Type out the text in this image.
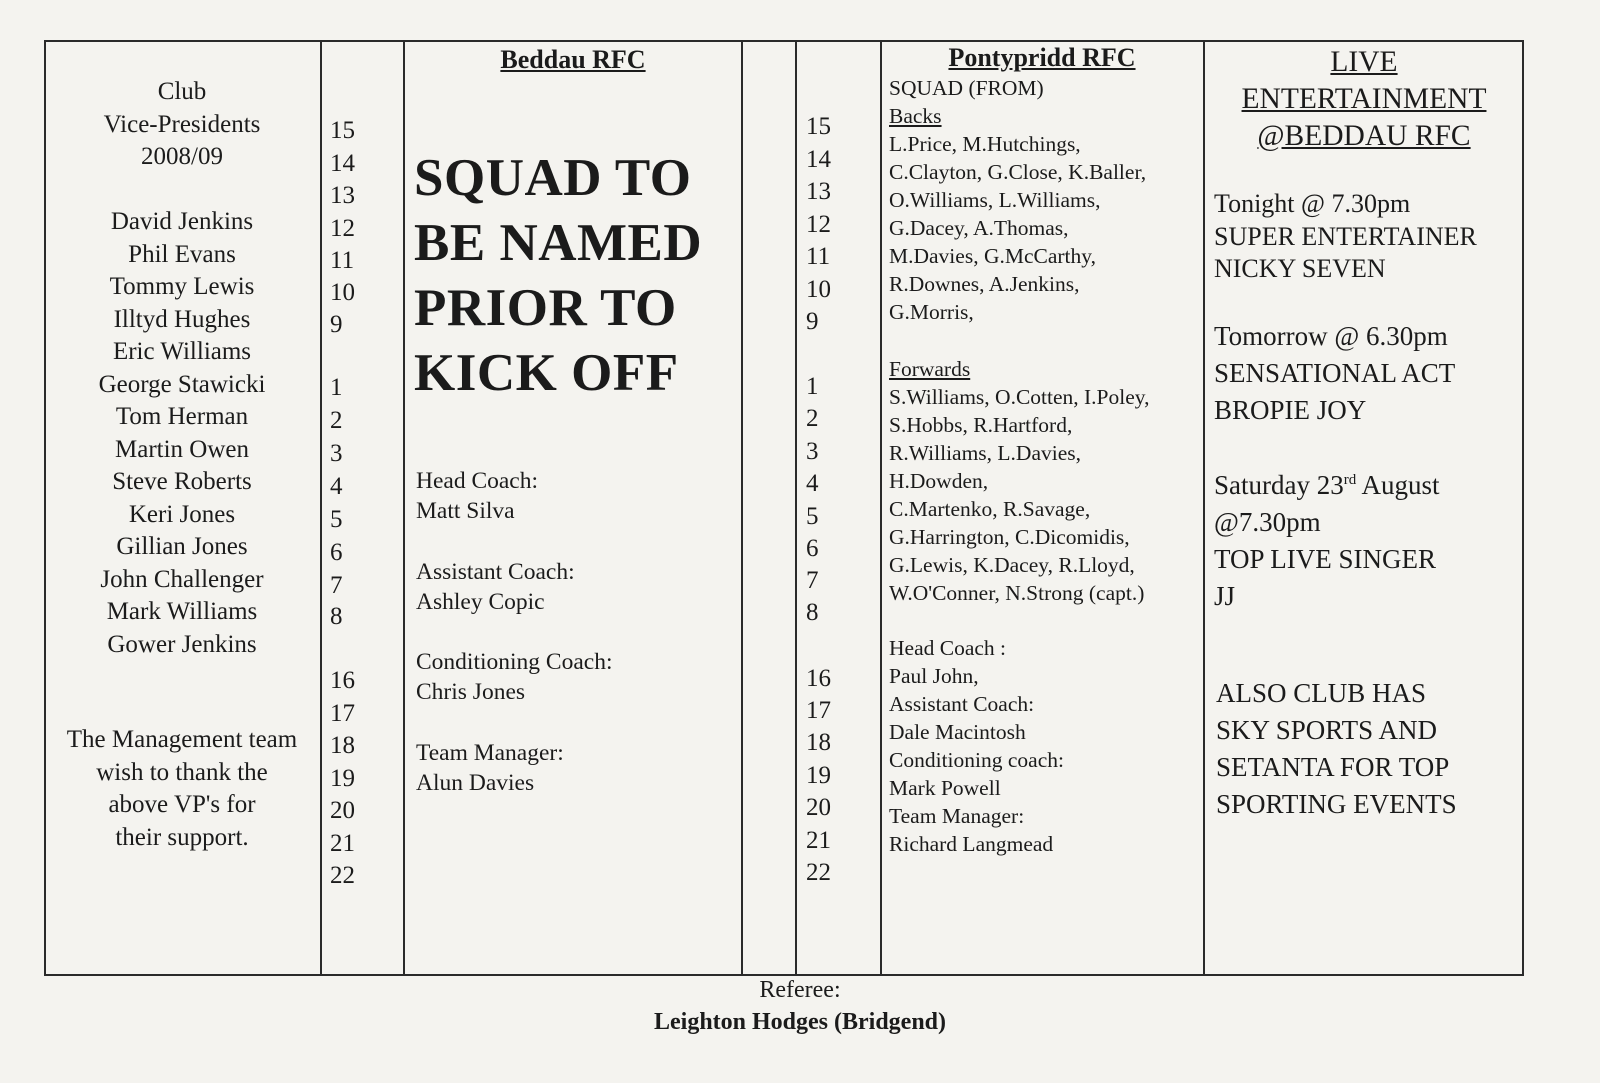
Club
Vice-Presidents
2008/09
David Jenkins
Phil Evans
Tommy Lewis
Illtyd Hughes
Eric Williams
George Stawicki
Tom Herman
Martin Owen
Steve Roberts
Keri Jones
Gillian Jones
John Challenger
Mark Williams
Gower Jenkins
The Management team
wish to thank the
above VP's for
their support.
15
14
13
12
11
10
9
1
2
3
4
5
6
7
8
16
17
18
19
20
21
22
Beddau RFC
SQUAD TO
BE NAMED
PRIOR TO
KICK OFF
Head Coach:
Matt Silva
Assistant Coach:
Ashley Copic
Conditioning Coach:
Chris Jones
Team Manager:
Alun Davies
15
14
13
12
11
10
9
1
2
3
4
5
6
7
8
16
17
18
19
20
21
22
Pontypridd RFC
SQUAD (FROM)
Backs
L.Price, M.Hutchings,
C.Clayton, G.Close, K.Baller,
O.Williams, L.Williams,
G.Dacey, A.Thomas,
M.Davies, G.McCarthy,
R.Downes, A.Jenkins,
G.Morris,
Forwards
S.Williams, O.Cotten, I.Poley,
S.Hobbs, R.Hartford,
R.Williams, L.Davies,
H.Dowden,
C.Martenko, R.Savage,
G.Harrington, C.Dicomidis,
G.Lewis, K.Dacey, R.Lloyd,
W.O'Conner, N.Strong (capt.)
Head Coach :
Paul John,
Assistant Coach:
Dale Macintosh
Conditioning coach:
Mark Powell
Team Manager:
Richard Langmead
LIVE
ENTERTAINMENT
@BEDDAU RFC
Tonight @ 7.30pm
SUPER ENTERTAINER
NICKY SEVEN
Tomorrow @ 6.30pm
SENSATIONAL ACT
BROPIE JOY
Saturday 23rd August
@7.30pm
TOP LIVE SINGER
JJ
ALSO CLUB HAS
SKY SPORTS AND
SETANTA FOR TOP
SPORTING EVENTS
Referee:
Leighton Hodges (Bridgend)
